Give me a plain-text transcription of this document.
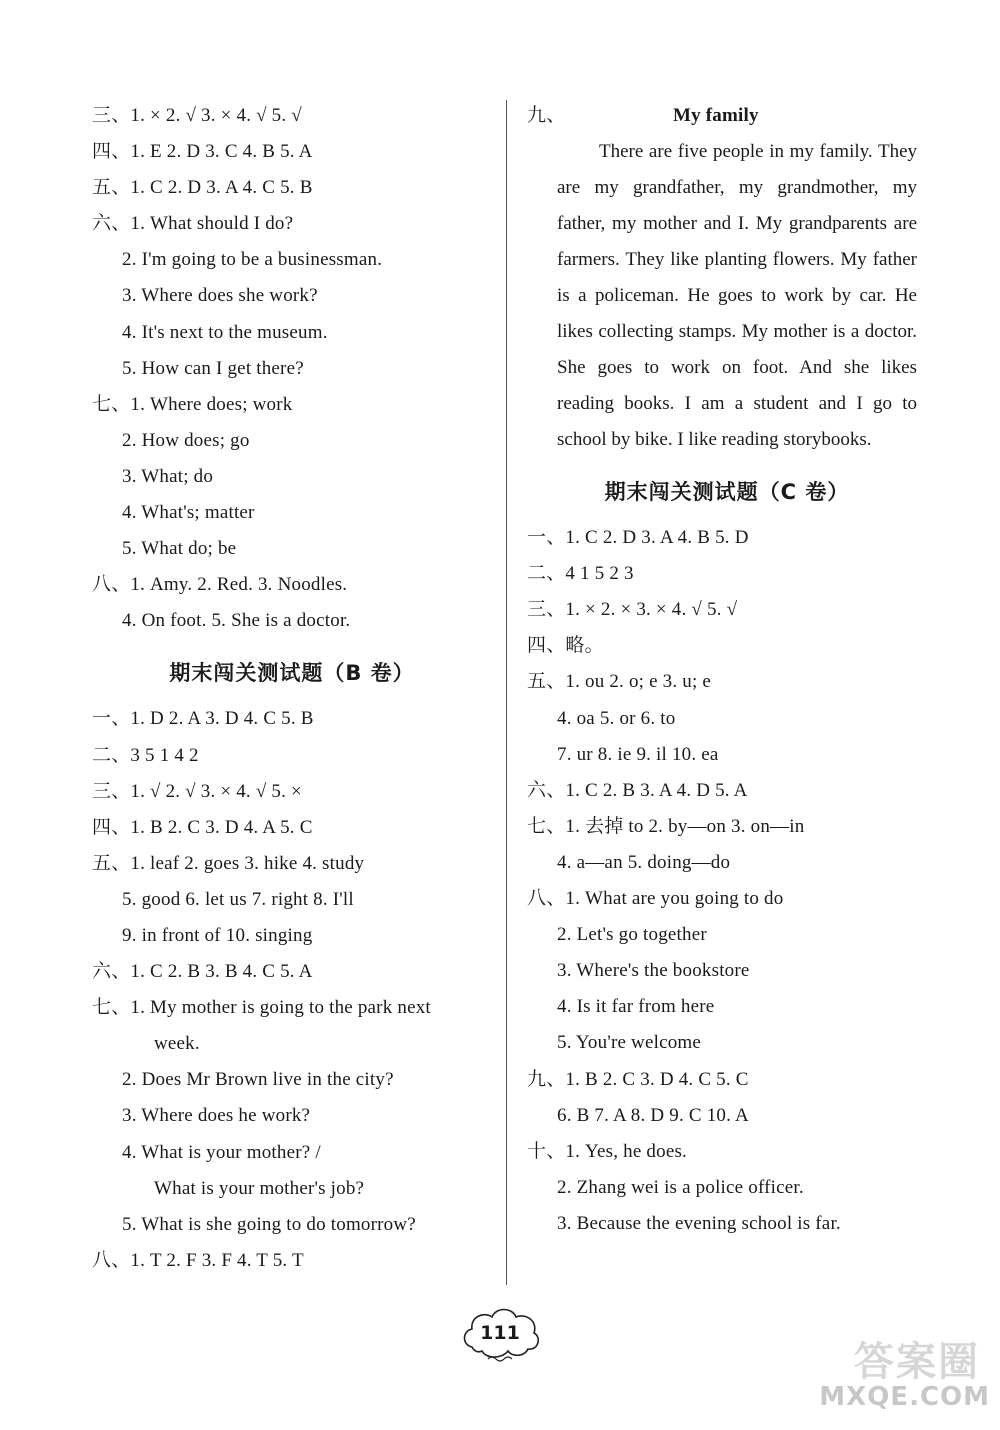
三、1. × 2. √ 3. × 4. √ 5. √
四、1. E 2. D 3. C 4. B 5. A
五、1. C 2. D 3. A 4. C 5. B
六、1. What should I do?
2. I'm going to be a businessman.
3. Where does she work?
4. It's next to the museum.
5. How can I get there?
七、1. Where does; work
2. How does; go
3. What; do
4. What's; matter
5. What do; be
八、1. Amy. 2. Red. 3. Noodles.
4. On foot. 5. She is a doctor.
期末闯关测试题（B 卷）
一、1. D 2. A 3. D 4. C 5. B
二、3 5 1 4 2
三、1. √ 2. √ 3. × 4. √ 5. ×
四、1. B 2. C 3. D 4. A 5. C
五、1. leaf 2. goes 3. hike 4. study
5. good 6. let us 7. right 8. I'll
9. in front of 10. singing
六、1. C 2. B 3. B 4. C 5. A
七、1. My mother is going to the park next
week.
2. Does Mr Brown live in the city?
3. Where does he work?
4. What is your mother? /
What is your mother's job?
5. What is she going to do tomorrow?
八、1. T 2. F 3. F 4. T 5. T
九、	My family
There are five people in my family. They are my grandfather, my grandmother, my father, my mother and I. My grandparents are farmers. They like planting flowers. My father is a policeman. He goes to work by car. He likes collecting stamps. My mother is a doctor. She goes to work on foot. And she likes reading books. I am a student and I go to school by bike. I like reading storybooks.
期末闯关测试题（C 卷）
一、1. C 2. D 3. A 4. B 5. D
二、4 1 5 2 3
三、1. × 2. × 3. × 4. √ 5. √
四、略。
五、1. ou 2. o; e 3. u; e
4. oa 5. or 6. to
7. ur 8. ie 9. il 10. ea
六、1. C 2. B 3. A 4. D 5. A
七、1. 去掉 to 2. by—on 3. on—in
4. a—an 5. doing—do
八、1. What are you going to do
2. Let's go together
3. Where's the bookstore
4. Is it far from here
5. You're welcome
九、1. B 2. C 3. D 4. C 5. C
6. B 7. A 8. D 9. C 10. A
十、1. Yes, he does.
2. Zhang wei is a police officer.
3. Because the evening school is far.
111
答案圈
MXQE.COM
